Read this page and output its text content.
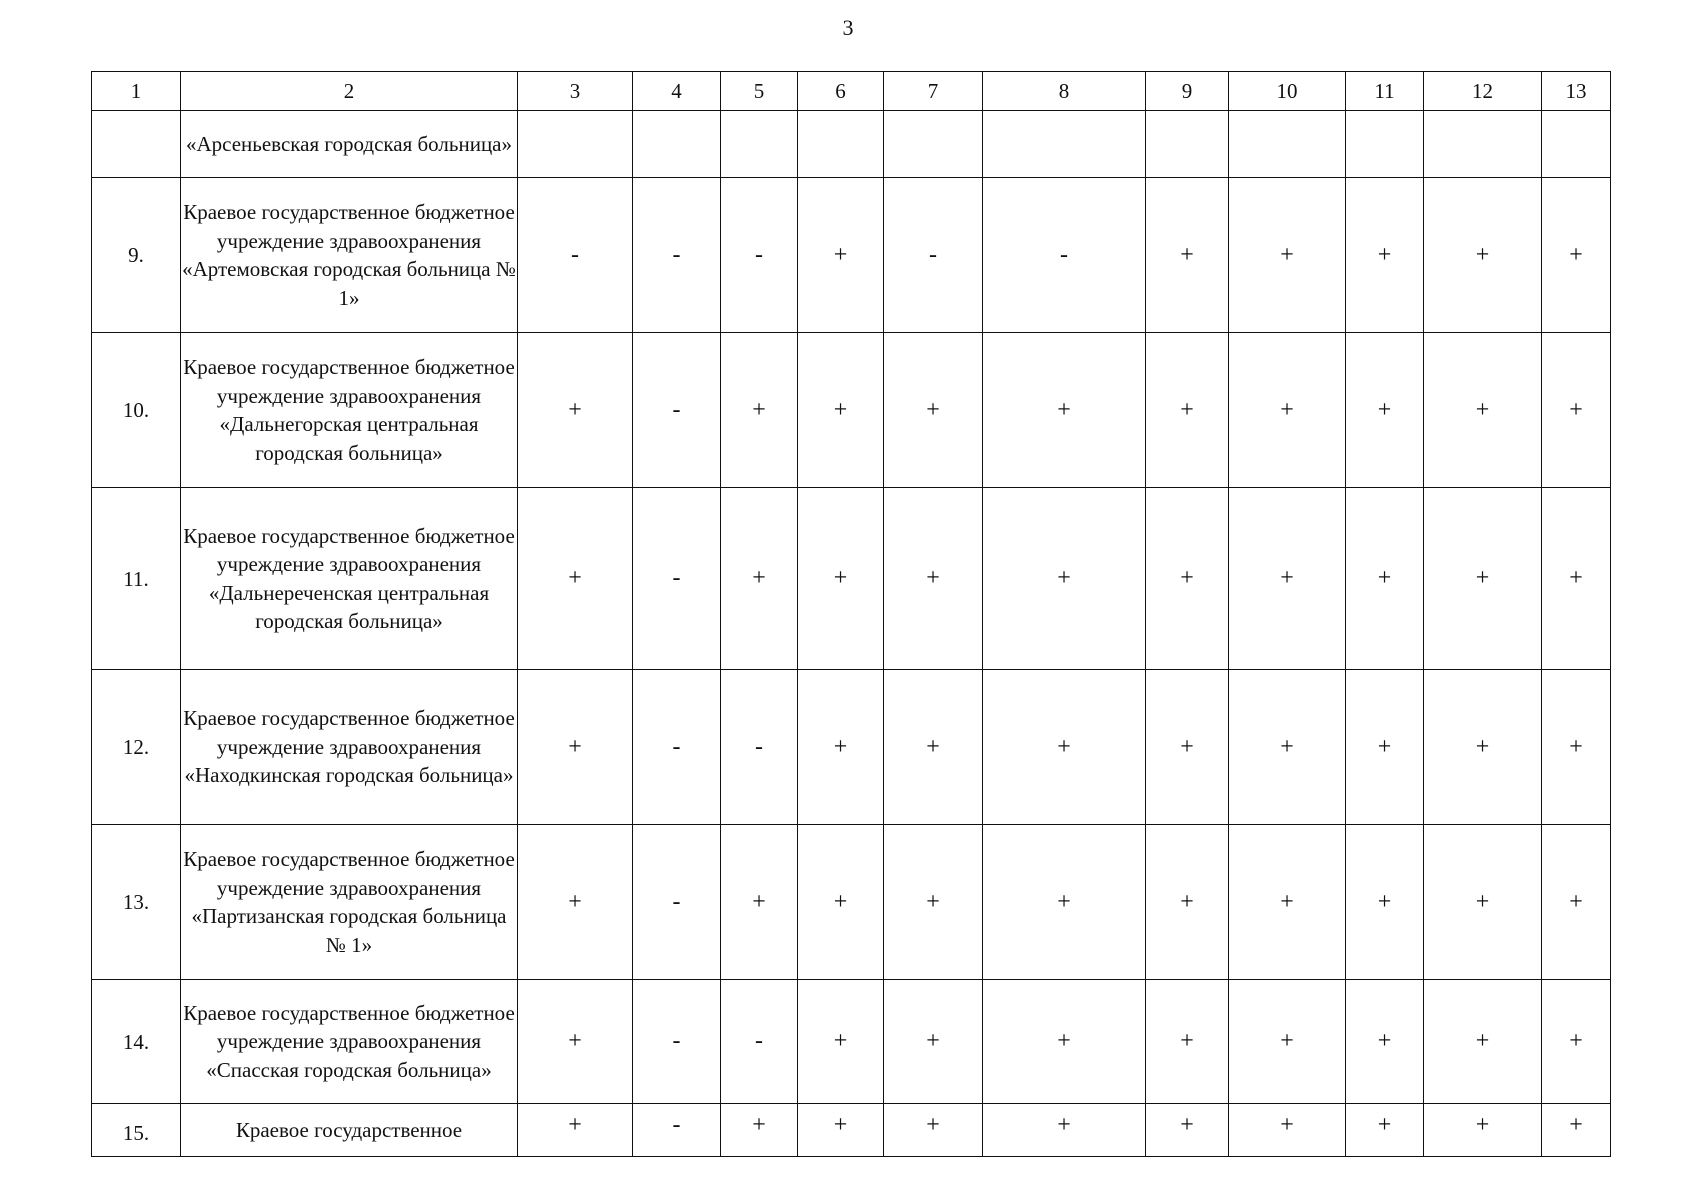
3
1	2	3	4	5	6	7	8	9	10	11	12	13
	«Арсеньевская городская больница»											
9.	Краевое государственное бюджетное учреждение здравоохранения «Артемовская городская больница № 1»	-	-	-	+	-	-	+	+	+	+	+
10.	Краевое государственное бюджетное учреждение здравоохранения «Дальнегорская центральная городская больница»	+	-	+	+	+	+	+	+	+	+	+
11.	Краевое государственное бюджетное учреждение здравоохранения «Дальнереченская центральная городская больница»	+	-	+	+	+	+	+	+	+	+	+
12.	Краевое государственное бюджетное учреждение здравоохранения «Находкинская городская больница»	+	-	-	+	+	+	+	+	+	+	+
13.	Краевое государственное бюджетное учреждение здравоохранения «Партизанская городская больница № 1»	+	-	+	+	+	+	+	+	+	+	+
14.	Краевое государственное бюджетное учреждение здравоохранения «Спасская городская больница»	+	-	-	+	+	+	+	+	+	+	+
15.	Краевое государственное	+	-	+	+	+	+	+	+	+	+	+
